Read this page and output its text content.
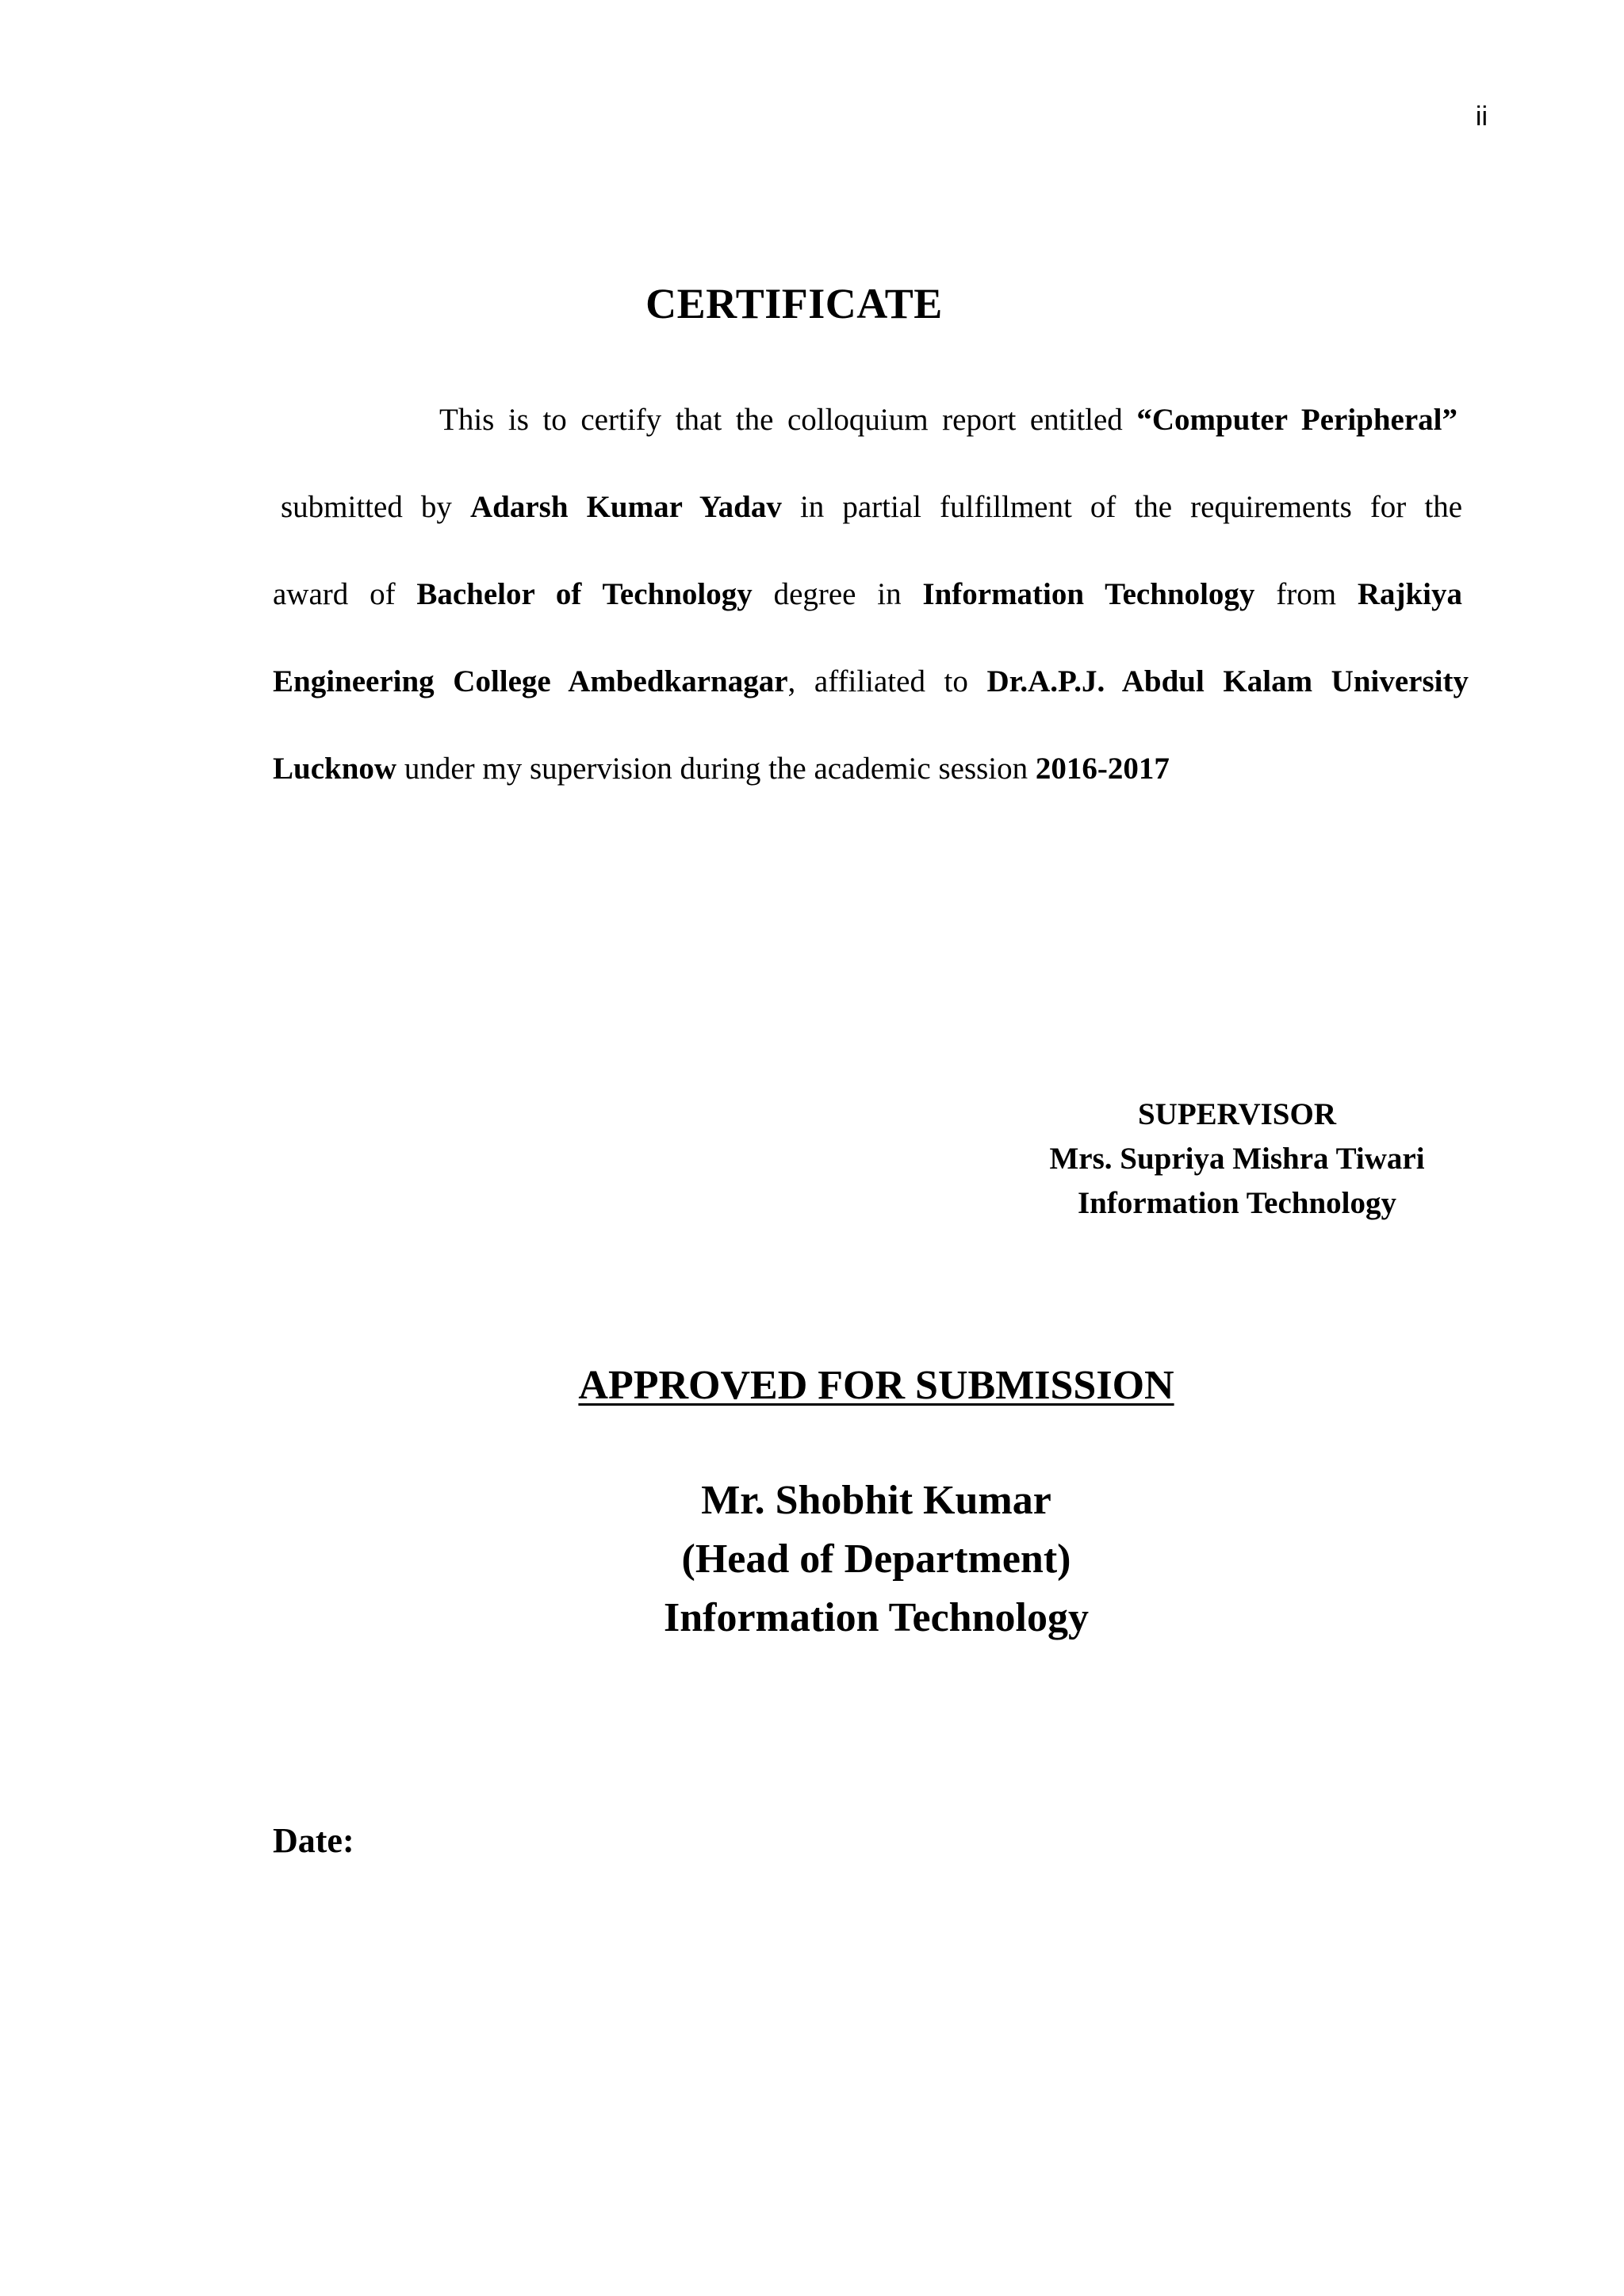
ii
CERTIFICATE
This is to certify that the colloquium report entitled “Computer Peripheral”
submitted by Adarsh Kumar Yadav in partial fulfillment of the requirements for the
award of Bachelor of Technology degree in Information Technology from Rajkiya
Engineering College Ambedkarnagar, affiliated to Dr.A.P.J. Abdul Kalam University
Lucknow under my supervision during the academic session 2016-2017
SUPERVISOR
Mrs. Supriya Mishra Tiwari
Information Technology
APPROVED FOR SUBMISSION
Mr. Shobhit Kumar
(Head of Department)
Information Technology
Date:
